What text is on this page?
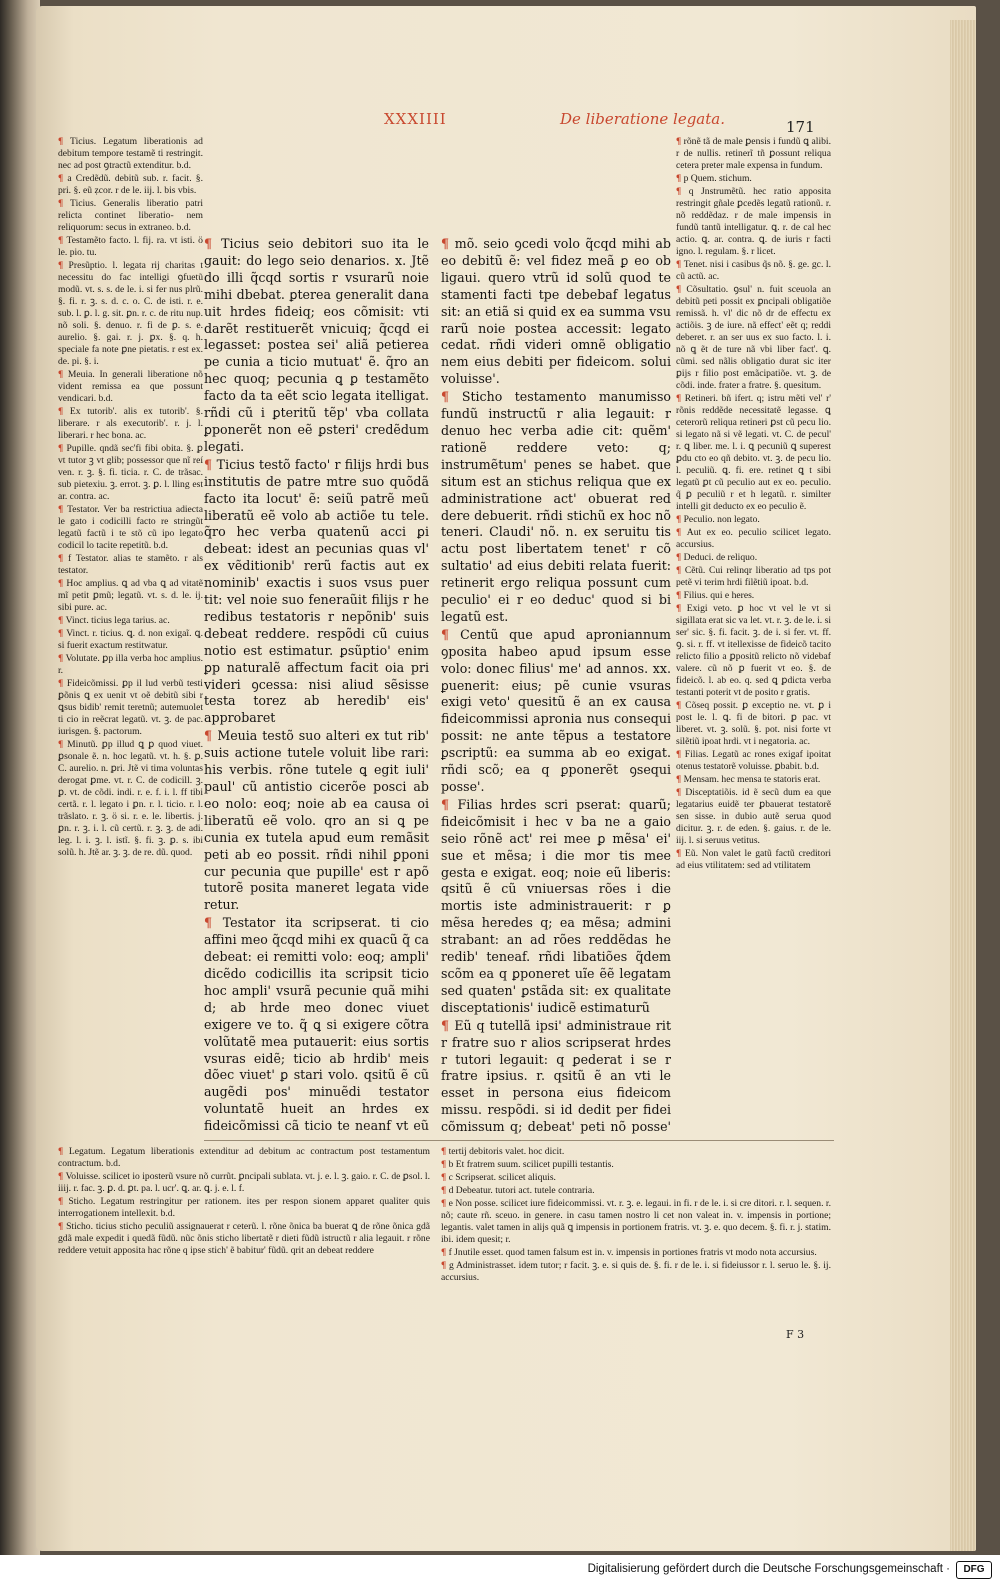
XXXIIII	De liberatione legata.	171
¶ Ticius. Legatum liberationis ad debitum tempore testamẽ ti restringit. nec ad post ꝯtractũ extenditur. b.d.
¶ a Credẽdũ. debitũ sub. r. facit. §. pri. §. eũ ẓcor. r de le. iij. l. bis vbis.
¶ Ticius. Generalis liberatio patri relicta continet liberatio- nem reliquorum: secus in extraneo. b.d.
¶ Testamẽto facto. l. fij. ra. vt isti. ö le. pio. tu.
¶ Presũptio. l. legata rij charitas t necessitu do fac intelligi ꝯfuetũ modũ. vt. s. s. de le. i. si fer nus plrũ. §. fi. r. ꝫ. s. d. c. o. C. de isti. r. e. sub. l. ꝑ. l. g. sit. ꝑn. r. c. de ritu nup. nõ soli. §. denuo. r. fi de ꝑ. s. e. aurelio. §. gai. r. j. ꝑx. §. q. h. speciale fa note ꝑne pietatis. r est ex. de. pi. §. i.
¶ Meuia. In generali liberatione nõ vident remissa ea que possunt vendicari. b.d.
¶ Ex tutorib'. alis ex tutorib'. §. liberare. r als executorib'. r. j. l. liberari. r hec bona. ac.
¶ Pupille. qndã sec'fi fibi obita. §. ꝑ vt tutor ꝫ vt glib; possessor que nĩ reí ven. r. ꝫ. §. fi. ticia. r. C. de trãsac. sub pietexiu. ꝫ. errot. ꝫ. ꝑ. l. lling est ar. contra. ac.
¶ Testator. Ver ba restrictiua adiecta le gato i codicilli facto re stringũt legatũ factũ i te stõ cũ ipo legato codicil lo tacite repetitũ. b.d.
¶ f Testator. alias te stamẽto. r als testator.
¶ Hoc amplius. ꝗ ad vba ꝗ ad vitatẽ mĩ petit ꝑmũ; legatũ. vt. s. d. le. ij. sibi pure. ac.
¶ Vinct. ticius lega tarius. ac.
¶ Vinct. r. ticius. ꝗ. d. non exigaĩ. ꝗ. si fuerit exactum restitwatur.
¶ Volutate. ꝑp illa verba hoc amplius. r.
¶ Fideicõmissi. ꝑp il lud verbũ testi ꝑõnis ꝗ ex uenit vt oẽ debitũ sibi r ꝗsus bidib' remit teretnũ; autemuolet ti cio in reẽcrat legatũ. vt. ꝫ. de pac. iurisgen. §. pactorum.
¶ Minutũ. ꝑp illud ꝗ ꝑ quod viuet. ꝑsonale ẽ. n. hoc legatũ. vt. h. §. ꝑ. C. aurelio. n. ꝑri. Jtẽ vi tima voluntas derogat ꝑme. vt. r. C. de codicill. ꝫ. ꝑ. vt. de cõdi. indi. r. e. f. i. l. ff tibi certã. r. l. legato i ꝑn. r. l. ticio. r. l. trãslato. r. ꝫ. ö si. r. e. le. libertis. j. ꝑn. r. ꝫ. i. l. cũ certũ. r. ꝫ. ꝫ. de adi. leg. l. i. ꝫ. l. istĩ. §. fi. ꝫ. ꝑ. s. ibi solũ. h. Jtẽ ar. ꝫ. ꝫ. de re. dũ. quod.
¶ Ticius seio debitori suo ita le gauit: do lego seio denarios. x. Jtẽ do illi q̃cqd sortis r vsurarũ noie mihi dbebat. ꝑterea generalit dana uit hrdes fideiq; eos cõmisit: vti darẽt restituerẽt vnicuiq; q̃cqd ei legasset: postea sei' aliã petierea pe cunia a ticio mutuat' ẽ. q̃ro an hec quoq; pecunia ꝗ ꝑ testamẽto facto da ta eẽt scio legata itelligat. rñdi cũ i ꝑteritũ tẽp' vba collata ꝑponerẽt non eẽ ꝑsteri' credẽdum legati.
¶ Ticius testõ facto' r filijs hrdi bus institutis de patre mtre suo quõdã facto ita locut' ẽ: seiũ patrẽ meũ liberatũ eẽ volo ab actiõe tu tele. q̃ro hec verba quatenũ acci ꝑi debeat: idest an pecunias quas vl' ex vẽditionib' rerũ factis aut ex nominib' exactis i suos vsus puer tit: vel noie suo feneraũit filijs r he redibus testatoris r nepõnib' suis debeat reddere. respõdi cũ cuius notio est estimatur. ꝑsũptio' enim ꝑp naturalẽ affectum facit oia pri videri ꝯcessa: nisi aliud sẽsisse testa torez ab heredib' eis' approbaret
¶ Meuia testõ suo alteri ex tut rib' suis actione tutele voluit libe rari: his verbis. rõne tutele ꝗ egit iuli' paul' cũ antistio cicerõe posci ab eo nolo: eoq; noie ab ea causa oi liberatũ eẽ volo. qro an si ꝗ pe cunia ex tutela apud eum remãsit peti ab eo possit. rñdi nihil ꝑponi cur pecunia que pupille' est r apõ tutorẽ posita maneret legata vide retur.
¶ Testator ita scripserat. ti cio affini meo q̃cqd mihi ex quacũ q̃ ca debeat: ei remitti volo: eoq; ampli' dicẽdo codicillis ita scripsit ticio hoc ampli' vsurã pecunie quã mihi d; ab hrde meo donec viuet exigere ve to. q̃ ꝗ si exigere cõtra volũtatẽ mea putauerit: eius sortis vsuras eidẽ; ticio ab hrdib' meis dõec viuet' ꝑ stari volo. qsitũ ẽ cũ augẽdi pos' minuẽdi testator voluntatẽ hueit an hrdes ex fideicõmissi cã ticio te neanf vt eũ
¶ mõ. seio ꝯcedi volo q̃cqd mihi ab eo debitũ ẽ: vel fidez meã ꝑ eo ob ligaui. quero vtrũ id solũ quod te stamenti facti tpe debebaf legatus sit: an etiã si quid ex ea summa vsu rarũ noie postea accessit: legato cedat. rñdi videri omnẽ obligatio nem eius debiti per fideicom. solui voluisse'.
¶ Sticho testamento manumisso fundũ instructũ r alia legauit: r denuo hec verba adie cit: quẽm' rationẽ reddere veto: q; instrumẽtum' penes se habet. que situm est an stichus reliqua que ex administratione act' obuerat red dere debuerit. rñdi stichũ ex hoc nõ teneri. Claudi' nõ. n. ex seruitu tis actu post libertatem tenet' r cõ sultatio' ad eius debiti relata fuerit: retinerit ergo reliqua possunt cum peculio' ei r eo deduc' quod si bi legatũ est.
¶ Centũ que apud aproniannum ꝯposita habeo apud ipsum esse volo: donec filius' me' ad annos. xx. ꝑuenerit: eius; pẽ cunie vsuras exigi veto' quesitũ ẽ an ex causa fideicommissi apronia nus consequi possit: ne ante tẽpus a testatore ꝑscriptũ: ea summa ab eo exigat. rñdi scõ; ea q ꝑponerẽt ꝯsequi posse'.
¶ Filias hrdes scri pserat: quarũ; fideicõmisit i hec v ba ne a gaio seio rõnẽ act' rei mee ꝑ mẽsa' ei' sue et mẽsa; i die mor tis mee gesta e exigat. eoq; noie eũ liberis: qsitũ ẽ cũ vniuersas rões i die mortis iste administrauerit: r ꝑ mẽsa heredes q; ea mẽsa; admini strabant: an ad rões reddẽdas he redib' teneaf. rñdi libatiões q̃dem scõm ea q ꝑponeret uĩe ẽẽ legatam sed quaten' ꝑstãda sit: ex qualitate disceptationis' iudicẽ estimaturũ
¶ Eũ q tutellã ipsi' administraue rit r fratre suo r alios scripserat hrdes r tutori legauit: q ꝑederat i se r fratre ipsius. r. qsitũ ẽ an vti le esset in persona eius fideicom missu. respõdi. si id dedit per fidei cõmissum q; debeat' peti nõ posse'
¶ rõnẽ tã de male ꝑensis i fundũ ꝗ alibi. r de nullis. retinerĩ tñ ꝑossunt reliqua cetera preter male expensa in fundum.
¶ p Quem. stichum.
¶ q Jnstrumẽtũ. hec ratio apposita restringit gñale ꝑcedẽs legatũ rationũ. r. nõ reddẽdaz. r de male impensis in fundũ tantũ intelligatur. ꝗ. r. de cal hec actio. ꝗ. ar. contra. ꝗ. de iuris r facti igno. l. regulam. §. r licet.
¶ Tenet. nisi i casibus q̃s nõ. §. ge. gc. l. cũ actũ. ac.
¶ Cõsultatio. ꝯsul' n. fuit sceuola an debitũ peti possit ex ꝑncipali obligatiõe remissã. h. vl' dic nõ dr de effectu ex actiõis. ꝫ de iure. nã effect' eẽt q; reddi deberet. r. an ser uus ex suo facto. l. i. nõ ꝗ ẽt de ture nã vbi liber fact'. ꝗ. cũmi. sed nãlis obligatio durat sic iter ꝑijs r filio post emãcipatiõe. vt. ꝫ. de cõdi. inde. frater a fratre. §. quesitum.
¶ Retineri. bñ ifert. q; istru mẽti vel' r' rõnis reddẽde necessitatẽ legasse. ꝗ ceterorũ reliqua retineri ꝑst cũ pecu lio. si legato nã si vẽ legati. vt. C. de pecul' r. ꝗ liber. me. l. i. ꝗ pecuniũ ꝗ superest ꝑdu cto eo qñ debito. vt. ꝫ. de pecu lio. l. peculiũ. ꝗ. fi. ere. retinet ꝗ t sibi legatũ ꝑt cũ peculio aut ex eo. peculio. q̃ ꝑ peculiũ r et h legatũ. r. similter intelli git deducto ex eo peculio ẽ.
¶ Peculio. non legato.
¶ Aut ex eo. peculio scilicet legato. accursius.
¶ Deduci. de reliquo.
¶ Cẽtũ. Cui relinqr liberatio ad tps pot petẽ vi terim hrdi filẽtiũ ipoat. b.d.
¶ Filius. qui e heres.
¶ Exigi veto. ꝑ hoc vt vel le vt si sigillata erat sic va let. vt. r. ꝫ. de le. i. si ser' sic. §. fi. facit. ꝫ. de i. si fer. vt. ff. ꝯ. si. r. ff. vt itellexisse de fideicõ tacito relicto filio a ꝑpositũ relicto nõ videbaf valere. cũ nõ ꝑ fuerit vt eo. §. de fideicõ. l. ab eo. q. sed ꝗ ꝑdicta verba testanti poterit vt de posito r gratis.
¶ Cõseq possit. ꝑ exceptio ne. vt. ꝑ i post le. l. ꝗ. fi de bitori. ꝑ pac. vt liberet. vt. ꝫ. solũ. §. pot. nisi forte vt silẽtiũ ipoat hrdi. vt i negatoria. ac.
¶ Filias. Legatũ ac rones exigaf ipoitat otenus testatorẽ voluisse. ꝑbabit. b.d.
¶ Mensam. hec mensa te statoris erat.
¶ Disceptatiõis. id ẽ secũ dum ea que legatarius euidẽ ter ꝑbauerat testatorẽ sen sisse. in dubio autẽ serua quod dicitur. ꝫ. r. de eden. §. gaius. r. de le. iij. l. si seruus vetitus.
¶ Eũ. Non valet le gatũ factũ creditori ad eius vtilitatem: sed ad vtilitatem
¶ Legatum. Legatum liberationis extenditur ad debitum ac contractum post testamentum contractum. b.d.
¶ Voluisse. scilicet io iposterũ vsure nõ currũt. ꝑncipali sublata. vt. j. e. l. ꝫ. gaio. r. C. de ꝑsol. l. iiij. r. fac. ꝫ. ꝑ. d. ꝑt. pa. l. ucr'. ꝗ. ar. ꝗ. j. e. l. f.
¶ Sticho. Legatum restringitur per rationem. ites per respon sionem apparet qualiter quis interrogationem intellexit. b.d.
¶ Sticho. ticius sticho peculiũ assignauerat r ceterũ. l. rõne õnica ba buerat ꝗ de rõne õnica gdã gdã male expedit i quedã fũdũ. nũc õnis sticho libertatẽ r dieti fũdũ istructũ r alia legauit. r rõne reddere vetuit apposita hac rõne q ipse stich' ẽ babitur' fũdũ. qrit an debeat reddere
¶ tertij debitoris valet. hoc dicit.
¶ b Et fratrem suum. scilicet pupilli testantis.
¶ c Scripserat. scilicet aliquis.
¶ d Debeatur. tutori act. tutele contraria.
¶ e Non posse. scilicet iure fideicommissi. vt. r. ꝫ. e. legaui. in fi. r de le. i. si cre ditori. r. l. sequen. r. nõ; caute rñ. sceuo. in genere. in casu tamen nostro li cet non valeat in. v. impensis in portione; legantis. valet tamen in alijs quã ꝗ impensis in portionem fratris. vt. ꝫ. e. quo decem. §. fi. r. j. statim. ibi. idem quesit; r.
¶ f Jnutile esset. quod tamen falsum est in. v. impensis in portiones fratris vt modo nota accursius.
¶ g Administrasset. idem tutor; r facit. ꝫ. e. si quis de. §. fi. r de le. i. si fideiussor r. l. seruo le. §. ij. accursius.
F 3
Digitalisierung gefördert durch die Deutsche Forschungsgemeinschaft ·	DFG
